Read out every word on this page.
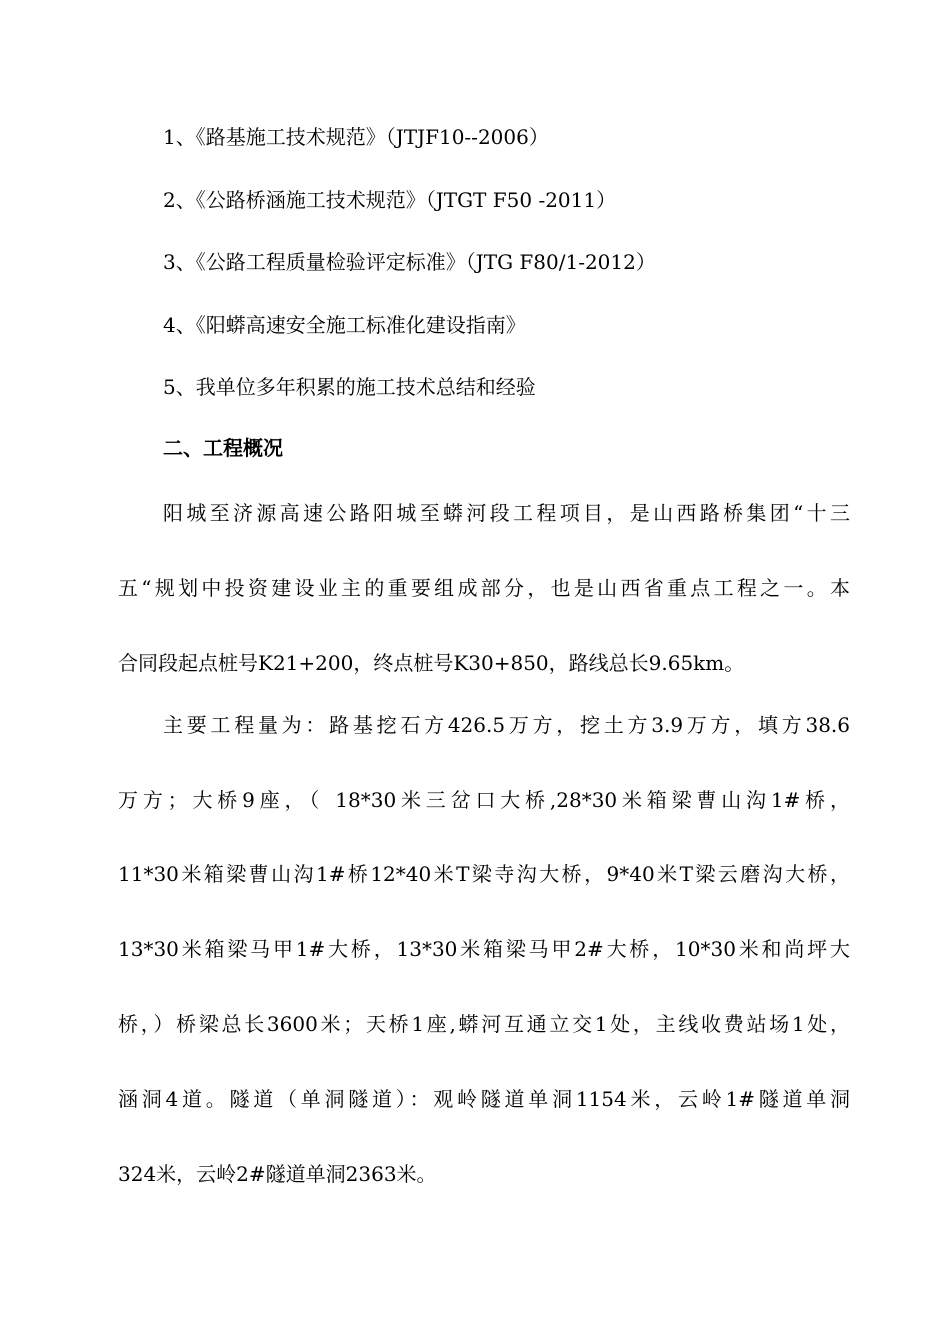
1、《路基施工技术规范》（JTJF10--2006）
2、《公路桥涵施工技术规范》（JTGT F50 -2011）
3、《公路工程质量检验评定标准》（JTG F80/1-2012）
4、《阳蟒高速安全施工标准化建设指南》
5、我单位多年积累的施工技术总结和经验
二、工程概况
阳城至济源高速公路阳城至蟒河段工程项目，是山西路桥集团“十三
五“规划中投资建设业主的重要组成部分，也是山西省重点工程之一。本
合同段起点桩号K21+200，终点桩号K30+850，路线总长9.65km。
主要工程量为：路基挖石方426.5万方，挖土方3.9万方，填方38.6
万方；大桥9座，（ 18*30米三岔口大桥,28*30米箱梁曹山沟1#桥，
11*30米箱梁曹山沟1#桥12*40米T梁寺沟大桥，9*40米T梁云磨沟大桥，
13*30米箱梁马甲1#大桥，13*30米箱梁马甲2#大桥，10*30米和尚坪大
桥，）桥梁总长3600米；天桥1座,蟒河互通立交1处，主线收费站场1处，
涵洞4道。隧道（单洞隧道）：观岭隧道单洞1154米，云岭1#隧道单洞
324米，云岭2#隧道单洞2363米。
